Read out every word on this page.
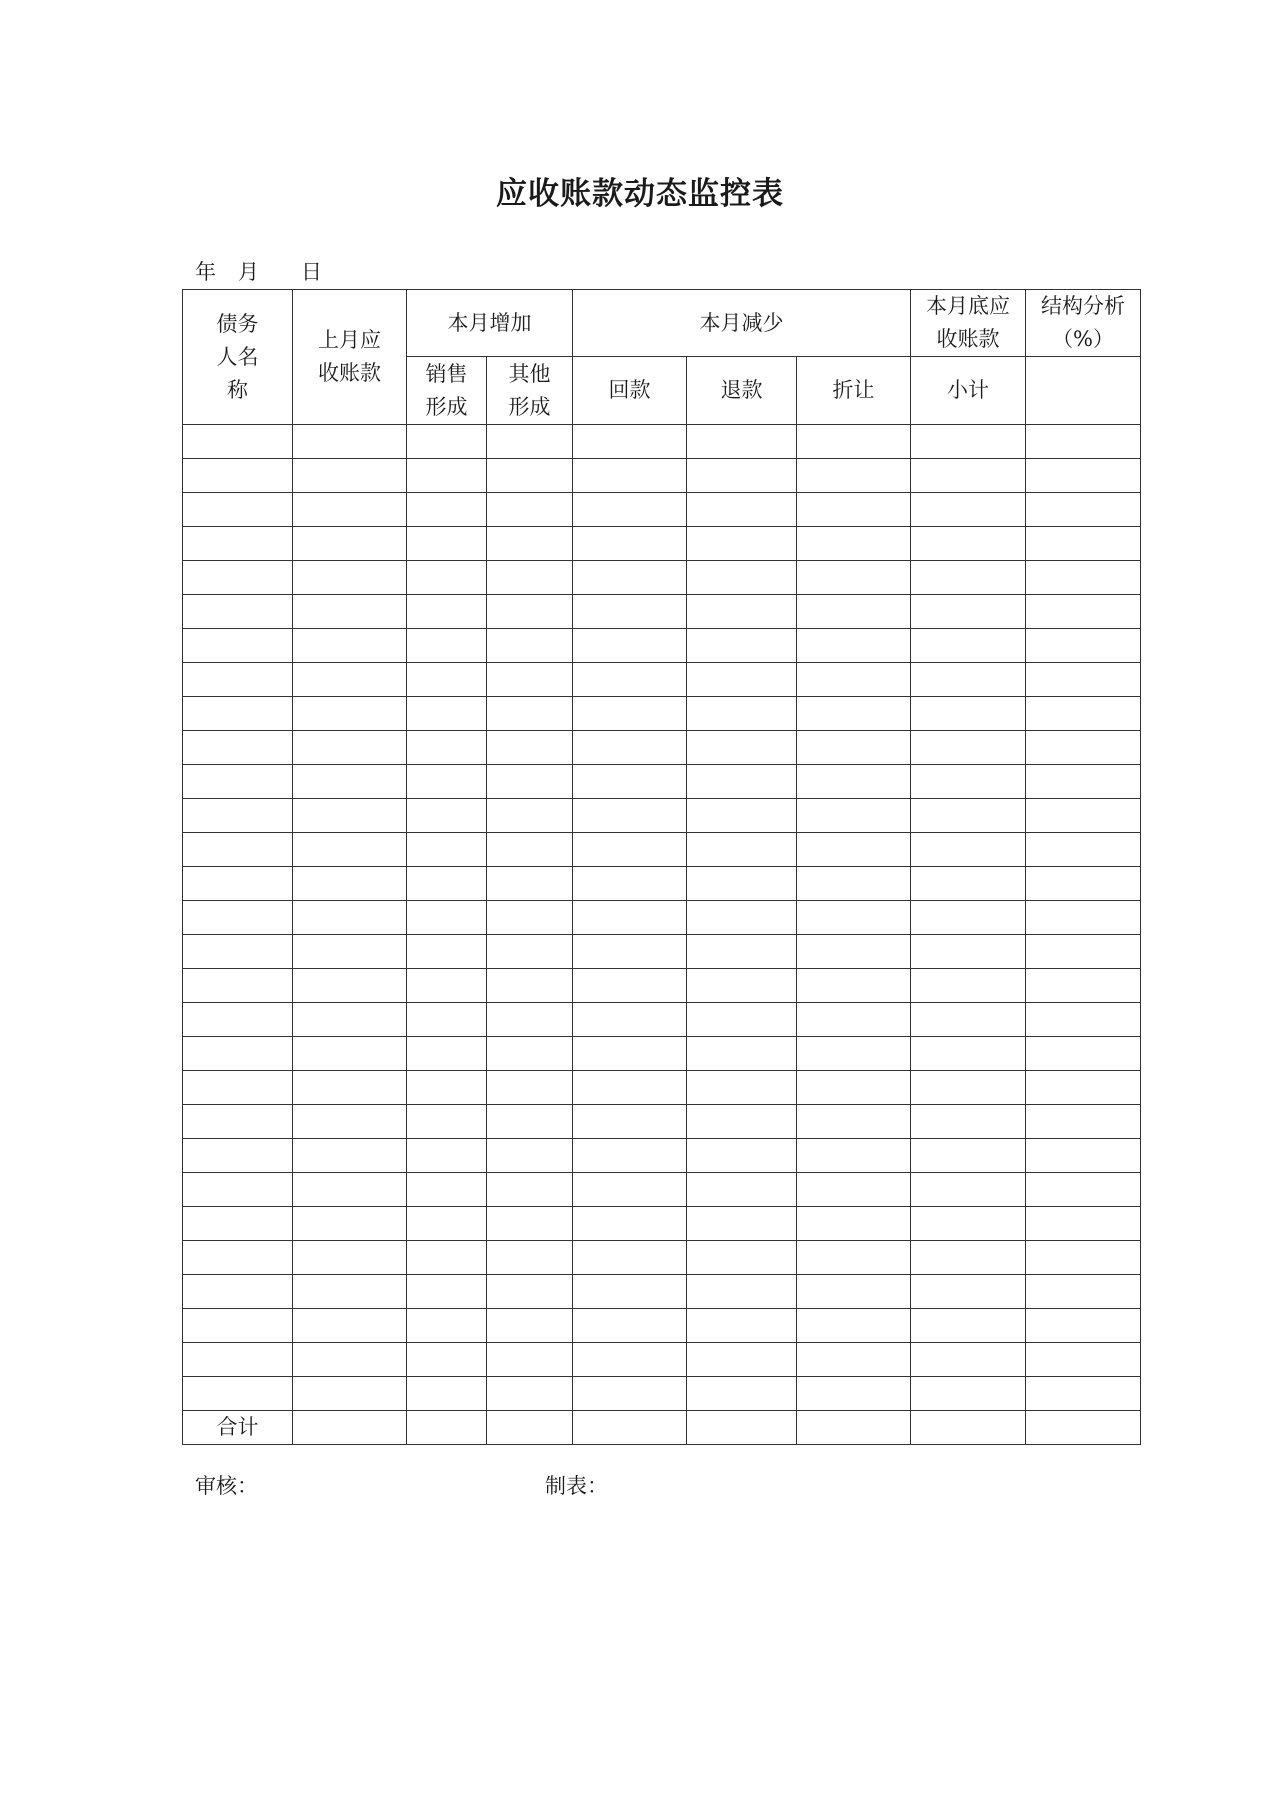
应收账款动态监控表
年 月 日
债务人名称	上月应收账款	本月增加		本月减少			本月底应收账款	结构分析（%）

		销售形成	其他形成	回款	退款	折让	小计	

合计								
审核：	制表：
